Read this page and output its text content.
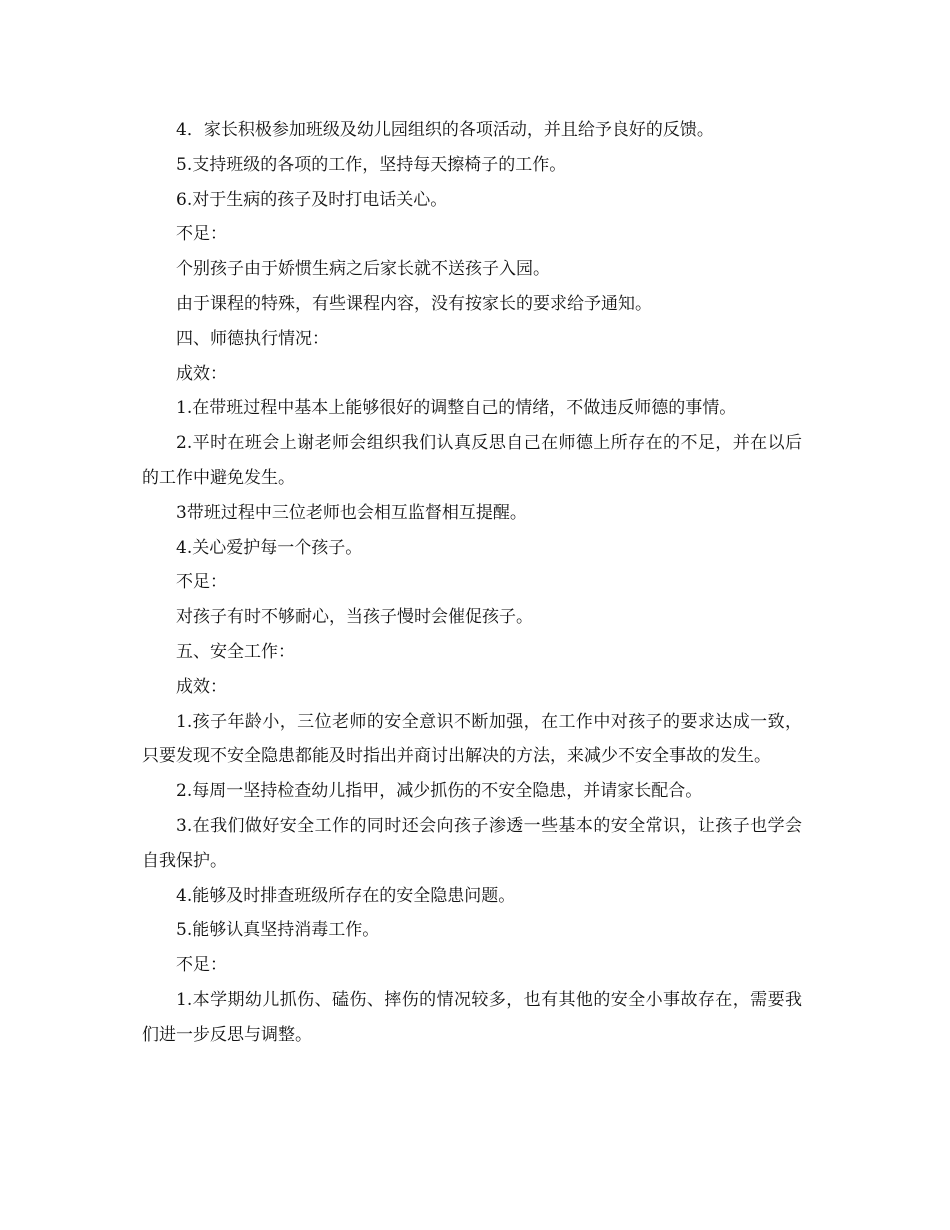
4．家长积极参加班级及幼儿园组织的各项活动，并且给予良好的反馈。

5.支持班级的各项的工作，坚持每天擦椅子的工作。

6.对于生病的孩子及时打电话关心。

不足：

个别孩子由于娇惯生病之后家长就不送孩子入园。

由于课程的特殊，有些课程内容，没有按家长的要求给予通知。

四、师德执行情况：

成效：

1.在带班过程中基本上能够很好的调整自己的情绪，不做违反师德的事情。

2.平时在班会上谢老师会组织我们认真反思自己在师德上所存在的不足，并在以后的工作中避免发生。

3带班过程中三位老师也会相互监督相互提醒。

4.关心爱护每一个孩子。

不足：

对孩子有时不够耐心，当孩子慢时会催促孩子。

五、安全工作：

成效：

1.孩子年龄小，三位老师的安全意识不断加强，在工作中对孩子的要求达成一致，只要发现不安全隐患都能及时指出并商讨出解决的方法，来减少不安全事故的发生。

2.每周一坚持检查幼儿指甲，减少抓伤的不安全隐患，并请家长配合。

3.在我们做好安全工作的同时还会向孩子渗透一些基本的安全常识，让孩子也学会自我保护。

4.能够及时排查班级所存在的安全隐患问题。

5.能够认真坚持消毒工作。

不足：

1.本学期幼儿抓伤、磕伤、摔伤的情况较多，也有其他的安全小事故存在，需要我们进一步反思与调整。
